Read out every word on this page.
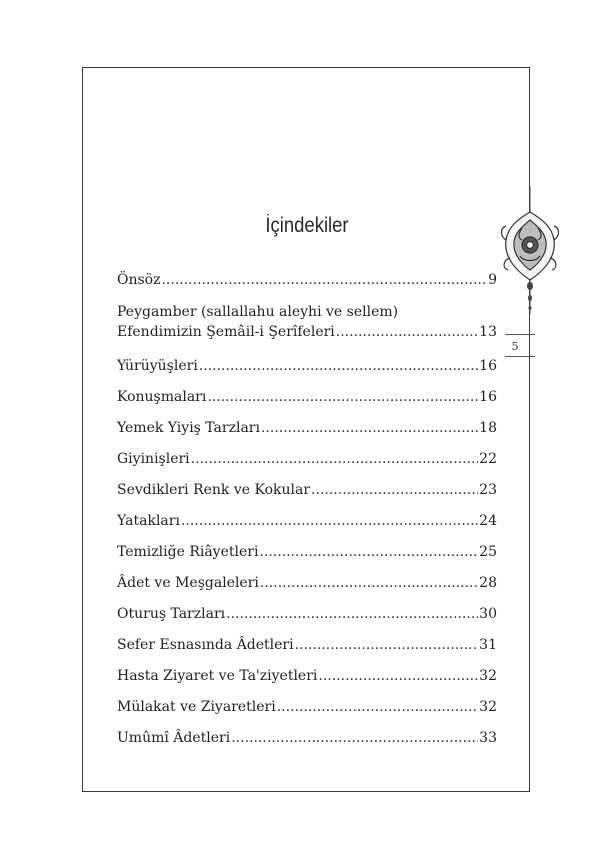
İçindekiler
Önsöz .....	9
Peygamber (sallallahu aleyhi ve sellem)
Efendimizin Şemâil-i Şerîfeleri .....	13
Yürüyüşleri .....	16
Konuşmaları .....	16
Yemek Yiyiş Tarzları .....	18
Giyinişleri .....	22
Sevdikleri Renk ve Kokular .....	23
Yatakları .....	24
Temizliğe Riâyetleri .....	25
Âdet ve Meşgaleleri .....	28
Oturuş Tarzları .....	30
Sefer Esnasında Âdetleri .....	31
Hasta Ziyaret ve Ta'ziyetleri .....	32
Mülakat ve Ziyaretleri .....	32
Umûmî Âdetleri .....	33
5
